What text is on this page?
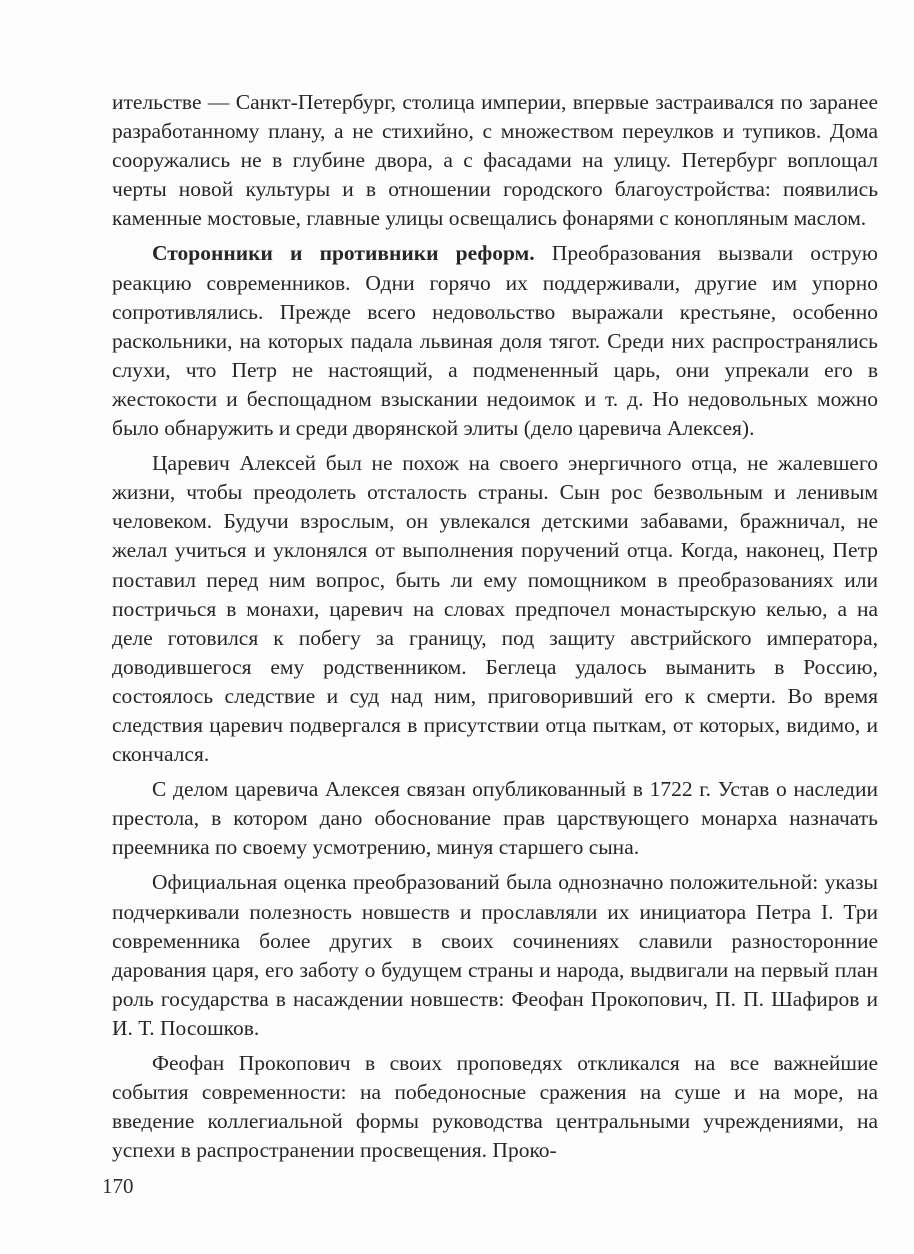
ительстве — Санкт-Петербург, столица империи, впервые застраивался по заранее разработанному плану, а не стихийно, с множеством переулков и тупиков. Дома сооружались не в глубине двора, а с фасадами на улицу. Петербург воплощал черты новой культуры и в отношении городского благоустройства: появились каменные мостовые, главные улицы освещались фонарями с конопляным маслом.

Сторонники и противники реформ. Преобразования вызвали острую реакцию современников. Одни горячо их поддерживали, другие им упорно сопротивлялись. Прежде всего недовольство выражали крестьяне, особенно раскольники, на которых падала львиная доля тягот. Среди них распространялись слухи, что Петр не настоящий, а подмененный царь, они упрекали его в жестокости и беспощадном взыскании недоимок и т. д. Но недовольных можно было обнаружить и среди дворянской элиты (дело царевича Алексея).

Царевич Алексей был не похож на своего энергичного отца, не жалевшего жизни, чтобы преодолеть отсталость страны. Сын рос безвольным и ленивым человеком. Будучи взрослым, он увлекался детскими забавами, бражничал, не желал учиться и уклонялся от выполнения поручений отца. Когда, наконец, Петр поставил перед ним вопрос, быть ли ему помощником в преобразованиях или постричься в монахи, царевич на словах предпочел монастырскую келью, а на деле готовился к побегу за границу, под защиту австрийского императора, доводившегося ему родственником. Беглеца удалось выманить в Россию, состоялось следствие и суд над ним, приговоривший его к смерти. Во время следствия царевич подвергался в присутствии отца пыткам, от которых, видимо, и скончался.

С делом царевича Алексея связан опубликованный в 1722 г. Устав о наследии престола, в котором дано обоснование прав царствующего монарха назначать преемника по своему усмотрению, минуя старшего сына.

Официальная оценка преобразований была однозначно положительной: указы подчеркивали полезность новшеств и прославляли их инициатора Петра I. Три современника более других в своих сочинениях славили разносторонние дарования царя, его заботу о будущем страны и народа, выдвигали на первый план роль государства в насаждении новшеств: Феофан Прокопович, П. П. Шафиров и И. Т. Посошков.

Феофан Прокопович в своих проповедях откликался на все важнейшие события современности: на победоносные сражения на суше и на море, на введение коллегиальной формы руководства центральными учреждениями, на успехи в распространении просвещения. Проко-

170
